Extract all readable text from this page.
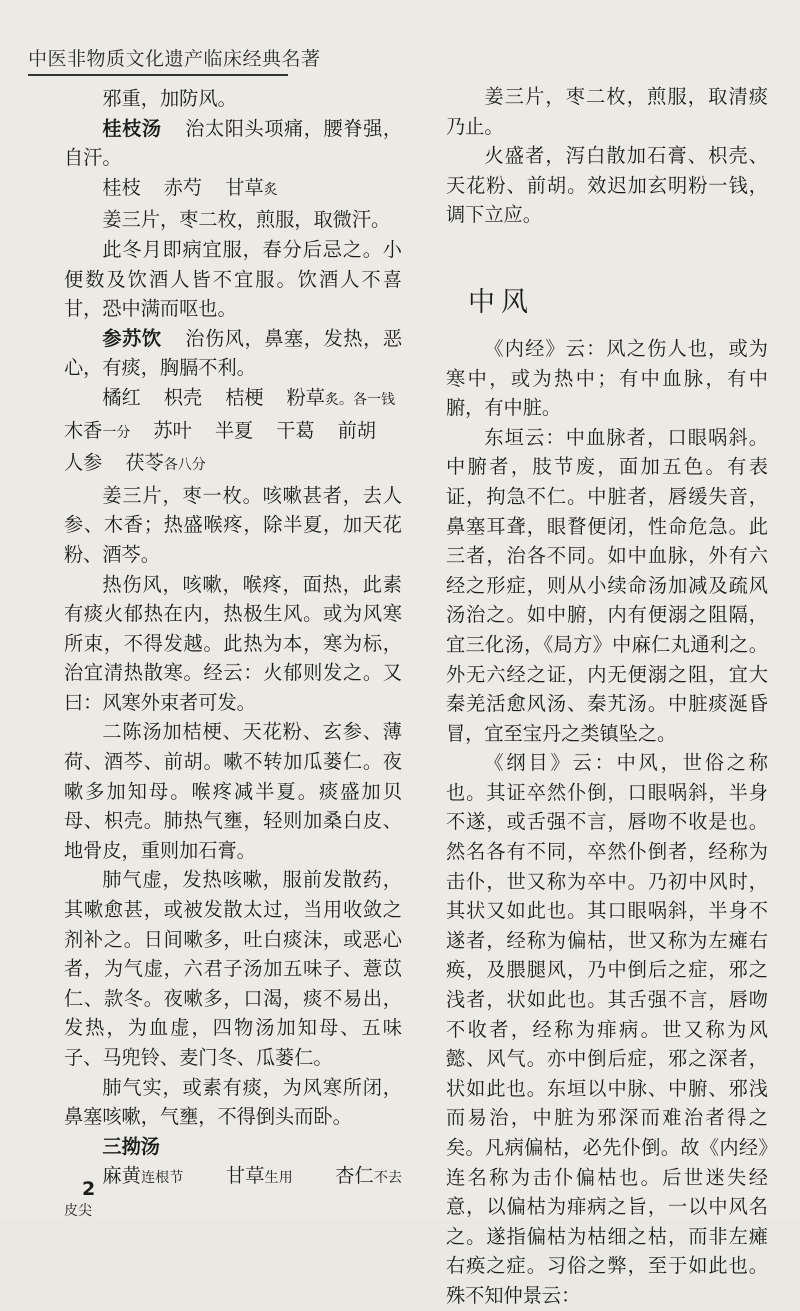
中医非物质文化遗产临床经典名著

邪重，加防风。

桂枝汤 治太阳头项痛，腰脊强，自汗。

桂枝 赤芍 甘草炙

姜三片，枣二枚，煎服，取微汗。

此冬月即病宜服，春分后忌之。小便数及饮酒人皆不宜服。饮酒人不喜甘，恐中满而呕也。

参苏饮 治伤风，鼻塞，发热，恶心，有痰，胸膈不利。

橘红 枳壳 桔梗 粉草炙。各一钱

木香一分 苏叶 半夏 干葛 前胡

人参 茯苓各八分

姜三片，枣一枚。咳嗽甚者，去人参、木香；热盛喉疼，除半夏，加天花粉、酒芩。

热伤风，咳嗽，喉疼，面热，此素有痰火郁热在内，热极生风。或为风寒所束，不得发越。此热为本，寒为标，治宜清热散寒。经云：火郁则发之。又曰：风寒外束者可发。

二陈汤加桔梗、天花粉、玄参、薄荷、酒芩、前胡。嗽不转加瓜蒌仁。夜嗽多加知母。喉疼减半夏。痰盛加贝母、枳壳。肺热气壅，轻则加桑白皮、地骨皮，重则加石膏。

肺气虚，发热咳嗽，服前发散药，其嗽愈甚，或被发散太过，当用收敛之剂补之。日间嗽多，吐白痰沫，或恶心者，为气虚，六君子汤加五味子、薏苡仁、款冬。夜嗽多，口渴，痰不易出，发热，为血虚，四物汤加知母、五味子、马兜铃、麦门冬、瓜蒌仁。

肺气实，或素有痰，为风寒所闭，鼻塞咳嗽，气壅，不得倒头而卧。

三拗汤

麻黄连根节 甘草生用 杏仁不去皮尖

姜三片，枣二枚，煎服，取清痰乃止。

火盛者，泻白散加石膏、枳壳、天花粉、前胡。效迟加玄明粉一钱，调下立应。

中风

《内经》云：风之伤人也，或为寒中，或为热中；有中血脉，有中腑，有中脏。

东垣云：中血脉者，口眼㖞斜。中腑者，肢节废，面加五色。有表证，拘急不仁。中脏者，唇缓失音，鼻塞耳聋，眼瞀便闭，性命危急。此三者，治各不同。如中血脉，外有六经之形症，则从小续命汤加减及疏风汤治之。如中腑，内有便溺之阻隔，宜三化汤，《局方》中麻仁丸通利之。外无六经之证，内无便溺之阻，宜大秦羌活愈风汤、秦艽汤。中脏痰涎昏冒，宜至宝丹之类镇坠之。

《纲目》云：中风，世俗之称也。其证卒然仆倒，口眼㖞斜，半身不遂，或舌强不言，唇吻不收是也。然名各有不同，卒然仆倒者，经称为击仆，世又称为卒中。乃初中风时，其状又如此也。其口眼㖞斜，半身不遂者，经称为偏枯，世又称为左瘫右痪，及腲腿风，乃中倒后之症，邪之浅者，状如此也。其舌强不言，唇吻不收者，经称为痱病。世又称为风懿、风气。亦中倒后症，邪之深者，状如此也。东垣以中脉、中腑、邪浅而易治，中脏为邪深而难治者得之矣。凡病偏枯，必先仆倒。故《内经》连名称为击仆偏枯也。后世迷失经意，以偏枯为痱病之旨，一以中风名之。遂指偏枯为枯细之枯，而非左瘫右痪之症。习俗之弊，至于如此也。殊不知仲景云：

2
